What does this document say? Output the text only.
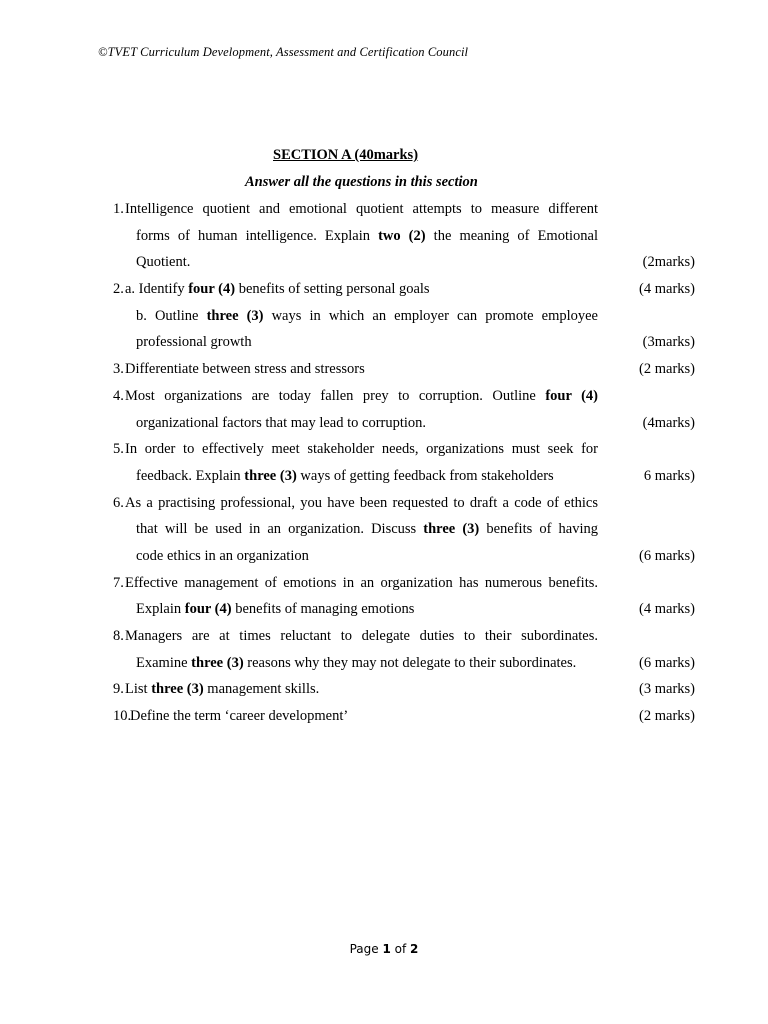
©TVET Curriculum Development, Assessment and Certification Council
SECTION A (40marks)
Answer all the questions in this section
1. Intelligence quotient and emotional quotient attempts to measure different
forms of human intelligence. Explain two (2) the meaning of Emotional
Quotient.	(2marks)
2. a. Identify four (4) benefits of setting personal goals	(4 marks)
b. Outline three (3) ways in which an employer can promote employee
professional growth	(3marks)
3. Differentiate between stress and stressors	(2 marks)
4. Most organizations are today fallen prey to corruption. Outline four (4)
organizational factors that may lead to corruption.	(4marks)
5. In order to effectively meet stakeholder needs, organizations must seek for
feedback. Explain three (3) ways of getting feedback from stakeholders	6 marks)
6. As a practising professional, you have been requested to draft a code of ethics
that will be used in an organization. Discuss three (3) benefits of having
code ethics in an organization	(6 marks)
7. Effective management of emotions in an organization has numerous benefits.
Explain four (4) benefits of managing emotions	(4 marks)
8. Managers are at times reluctant to delegate duties to their subordinates.
Examine three (3) reasons why they may not delegate to their subordinates.	(6 marks)
9. List three (3) management skills.	(3 marks)
10.
Define the term ‘career development’	(2 marks)
Page 1 of 2
